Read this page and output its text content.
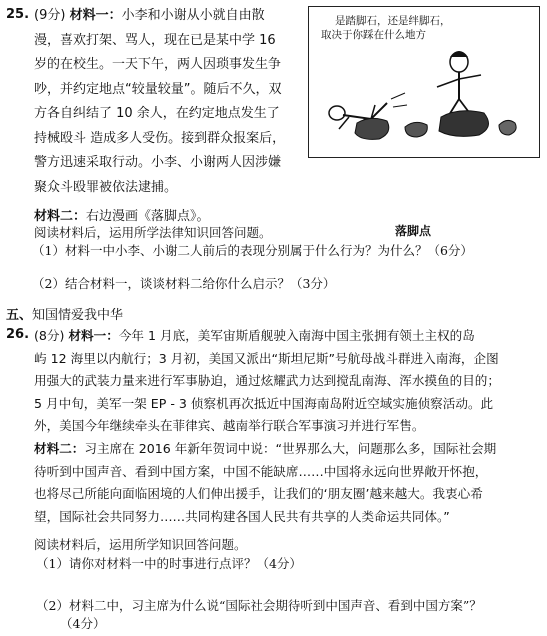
25. (9分) 材料一：小李和小谢从小就自由散
漫，喜欢打架、骂人，现在已是某中学 16
岁的在校生。一天下午，两人因琐事发生争
吵，并约定地点“较量较量”。随后不久，双
方各自纠结了 10 余人，在约定地点发生了
持械殴斗 造成多人受伤。接到群众报案后，
警方迅速采取行动。小李、小谢两人因涉嫌
聚众斗殴罪被依法逮捕。
材料二：右边漫画《落脚点》。
阅读材料后，运用所学法律知识回答问题。
（1）材料一中小李、小谢二人前后的表现分别属于什么行为？为什么？（6分）
（2）结合材料一，谈谈材料二给你什么启示？（3分）
是踏脚石，还是绊脚石，
取决于你踩在什么地方
落脚点
五、知国情爱我中华
26. (8分) 材料一：今年 1 月底，美军宙斯盾舰驶入南海中国主张拥有领土主权的岛
屿 12 海里以内航行；3 月初，美国又派出“斯坦尼斯”号航母战斗群进入南海，企图
用强大的武装力量来进行军事胁迫，通过炫耀武力达到搅乱南海、浑水摸鱼的目的；
5 月中旬，美军一架 EP - 3 侦察机再次抵近中国海南岛附近空域实施侦察活动。此
外，美国今年继续牵头在菲律宾、越南举行联合军事演习并进行军售。
材料二：习主席在 2016 年新年贺词中说：“世界那么大，问题那么多，国际社会期
待听到中国声音、看到中国方案，中国不能缺席……中国将永远向世界敞开怀抱，
也将尽己所能向面临困境的人们伸出援手，让我们的‘朋友圈’越来越大。我衷心希
望，国际社会共同努力……共同构建各国人民共有共享的人类命运共同体。”
阅读材料后，运用所学知识回答问题。
（1）请你对材料一中的时事进行点评？（4分）
（2）材料二中，习主席为什么说“国际社会期待听到中国声音、看到中国方案”？
（4分）
